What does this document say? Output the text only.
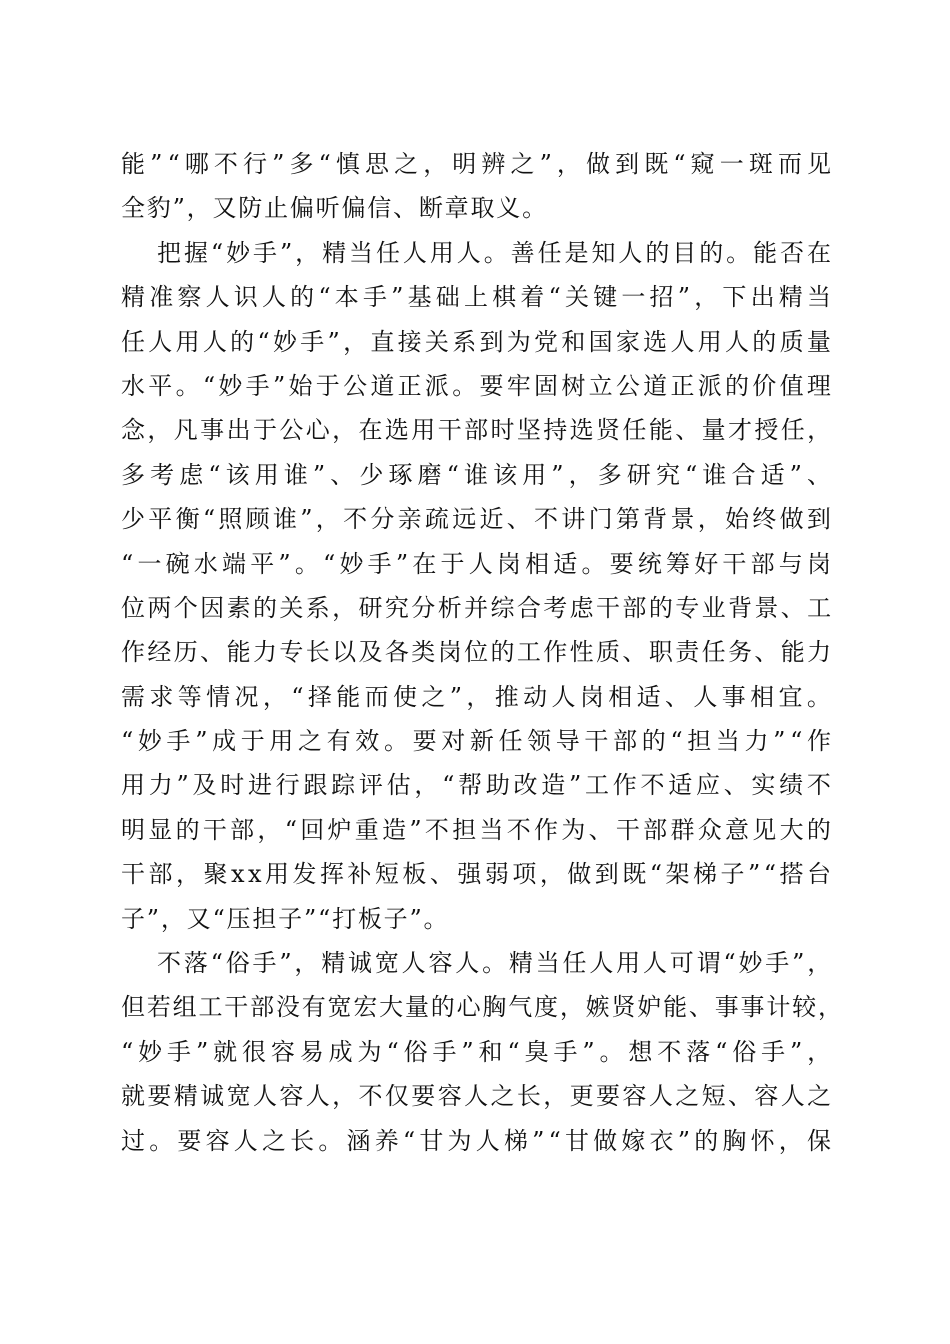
能 ” “ 哪 不 行 ” 多 “ 慎 思 之 ， 明 辨 之 ” ， 做 到 既 “ 窥 一 斑 而 见
全豹”，又防止偏听偏信、断章取义。
把 握 “ 妙 手 ” ， 精 当 任 人 用 人 。 善 任 是 知 人 的 目 的 。 能 否 在
精 准 察 人 识 人 的 “ 本 手 ” 基 础 上 棋 着 “ 关 键 一 招 ” ， 下 出 精 当
任 人 用 人 的 “ 妙 手 ” ， 直 接 关 系 到 为 党 和 国 家 选 人 用 人 的 质 量
水 平 。 “ 妙 手 ” 始 于 公 道 正 派 。 要 牢 固 树 立 公 道 正 派 的 价 值 理
念 ， 凡 事 出 于 公 心 ， 在 选 用 干 部 时 坚 持 选 贤 任 能 、 量 才 授 任 ，
多 考 虑 “ 该 用 谁 ” 、 少 琢 磨 “ 谁 该 用 ” ， 多 研 究 “ 谁 合 适 ” 、
少 平 衡 “ 照 顾 谁 ” ， 不 分 亲 疏 远 近 、 不 讲 门 第 背 景 ， 始 终 做 到
“ 一 碗 水 端 平 ” 。 “ 妙 手 ” 在 于 人 岗 相 适 。 要 统 筹 好 干 部 与 岗
位 两 个 因 素 的 关 系 ， 研 究 分 析 并 综 合 考 虑 干 部 的 专 业 背 景 、 工
作 经 历 、 能 力 专 长 以 及 各 类 岗 位 的 工 作 性 质 、 职 责 任 务 、 能 力
需 求 等 情 况 ， “ 择 能 而 使 之 ” ， 推 动 人 岗 相 适 、 人 事 相 宜 。
“ 妙 手 ” 成 于 用 之 有 效 。 要 对 新 任 领 导 干 部 的 “ 担 当 力 ” “ 作
用 力 ” 及 时 进 行 跟 踪 评 估 ， “ 帮 助 改 造 ” 工 作 不 适 应 、 实 绩 不
明 显 的 干 部 ， “ 回 炉 重 造 ” 不 担 当 不 作 为 、 干 部 群 众 意 见 大 的
干 部 ， 聚 x x 用 发 挥 补 短 板 、 强 弱 项 ， 做 到 既 “ 架 梯 子 ” “ 搭 台
子”，又“压担子”“打板子”。
不 落 “ 俗 手 ” ， 精 诚 宽 人 容 人 。 精 当 任 人 用 人 可 谓 “ 妙 手 ” ，
但 若 组 工 干 部 没 有 宽 宏 大 量 的 心 胸 气 度 ， 嫉 贤 妒 能 、 事 事 计 较 ，
“ 妙 手 ” 就 很 容 易 成 为 “ 俗 手 ” 和 “ 臭 手 ” 。 想 不 落 “ 俗 手 ” ，
就 要 精 诚 宽 人 容 人 ， 不 仅 要 容 人 之 长 ， 更 要 容 人 之 短 、 容 人 之
过 。 要 容 人 之 长 。 涵 养 “ 甘 为 人 梯 ” “ 甘 做 嫁 衣 ” 的 胸 怀 ， 保
